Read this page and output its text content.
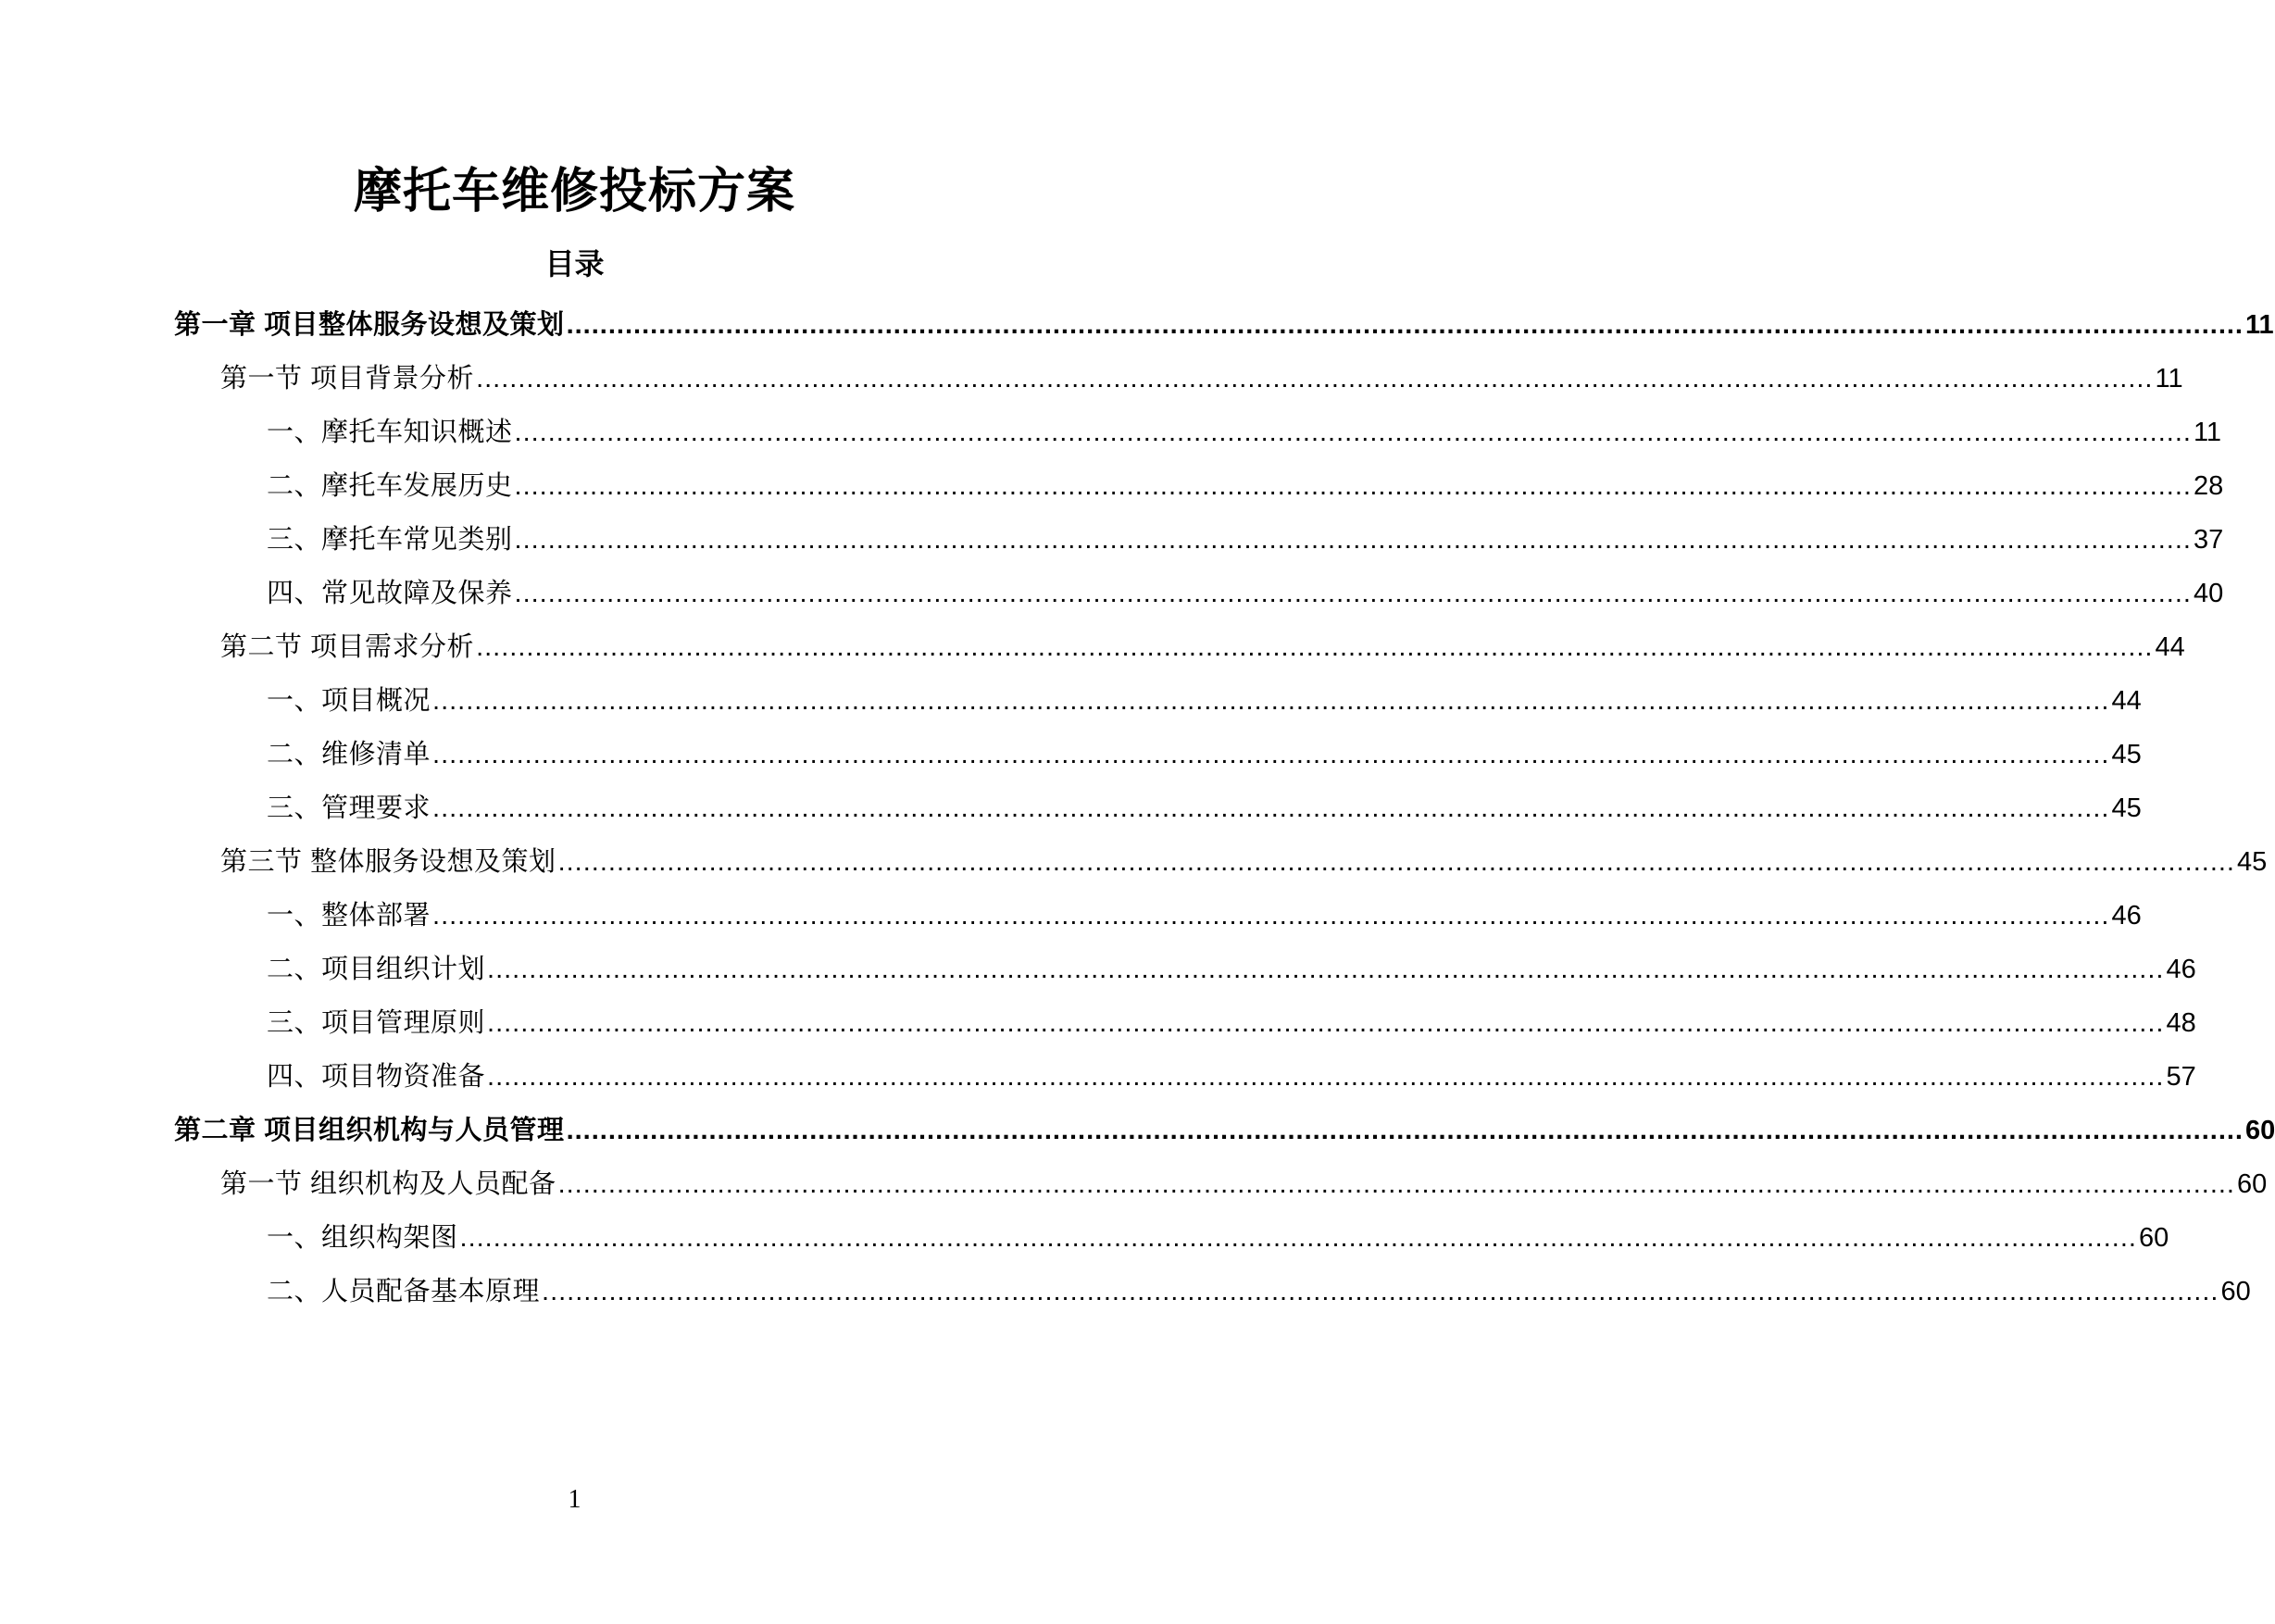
摩托车维修投标方案
目录
第一章 项目整体服务设想及策划 ........................................................................................................................................................................................................ 11
第一节 项目背景分析 ........................................................................................................................................................................................................ 11
一、摩托车知识概述 ........................................................................................................................................................................................................ 11
二、摩托车发展历史 ........................................................................................................................................................................................................ 28
三、摩托车常见类别 ........................................................................................................................................................................................................ 37
四、常见故障及保养 ........................................................................................................................................................................................................ 40
第二节 项目需求分析 ........................................................................................................................................................................................................ 44
一、项目概况 ........................................................................................................................................................................................................ 44
二、维修清单 ........................................................................................................................................................................................................ 45
三、管理要求 ........................................................................................................................................................................................................ 45
第三节 整体服务设想及策划 ........................................................................................................................................................................................................ 45
一、整体部署 ........................................................................................................................................................................................................ 46
二、项目组织计划 ........................................................................................................................................................................................................ 46
三、项目管理原则 ........................................................................................................................................................................................................ 48
四、项目物资准备 ........................................................................................................................................................................................................ 57
第二章 项目组织机构与人员管理 ........................................................................................................................................................................................................ 60
第一节 组织机构及人员配备 ........................................................................................................................................................................................................ 60
一、组织构架图 ........................................................................................................................................................................................................ 60
二、人员配备基本原理 ........................................................................................................................................................................................................ 60
1
